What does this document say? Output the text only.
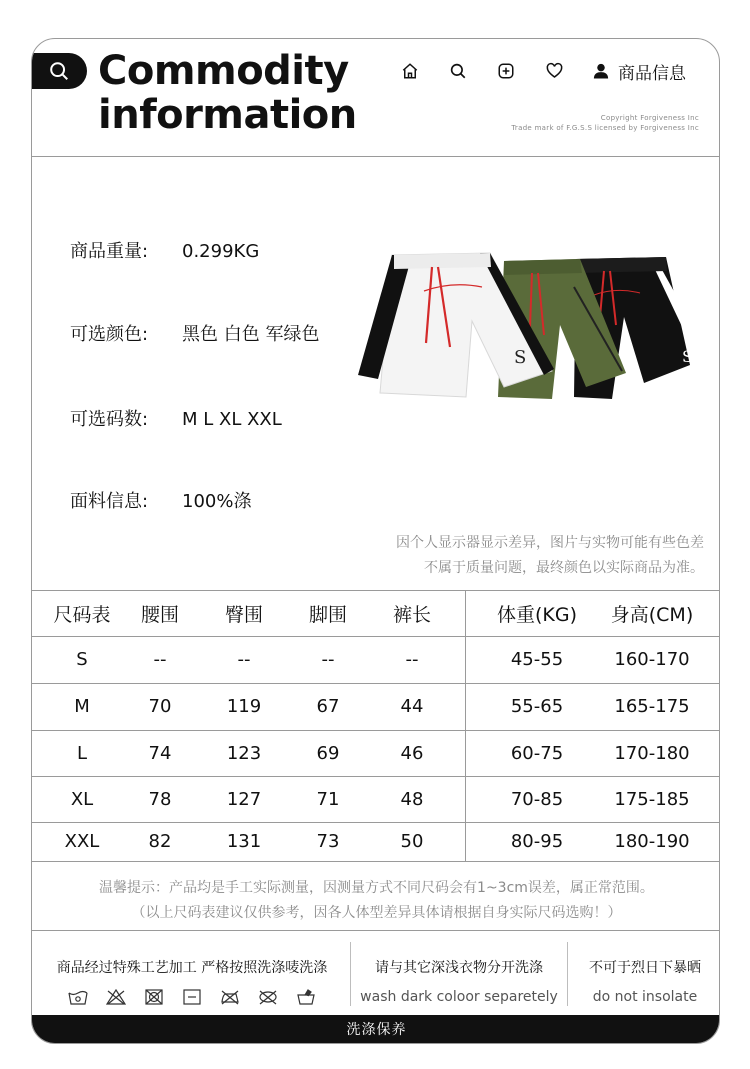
Commodity
information
商品信息
Copyright Forgiveness Inc
Trade mark of F.G.S.S licensed by Forgiveness Inc
商品重量: 0.299KG
可选颜色: 黑色 白色 军绿色
可选码数: M L XL XXL
面料信息: 100%涤
S
S
因个人显示器显示差异，图片与实物可能有些色差
不属于质量问题，最终颜色以实际商品为准。
尺码表	腰围	臀围	脚围	裤长	体重(KG) 身高(CM)
S	--	--	--	--	45-55	160-170
M	70	119	67	44	55-65	165-175
L	74	123	69	46	60-75	170-180
XL	78	127	71	48	70-85	175-185
XXL	82	131	73	50	80-95	180-190
温馨提示：产品均是手工实际测量，因测量方式不同尺码会有1~3cm误差，属正常范围。
（以上尺码表建议仅供参考，因各人体型差异具体请根据自身实际尺码选购！）
商品经过特殊工艺加工 严格按照洗涤唛洗涤	请与其它深浅衣物分开洗涤
wash dark coloor separetely
不可于烈日下暴晒
do not insolate
洗涤保养
